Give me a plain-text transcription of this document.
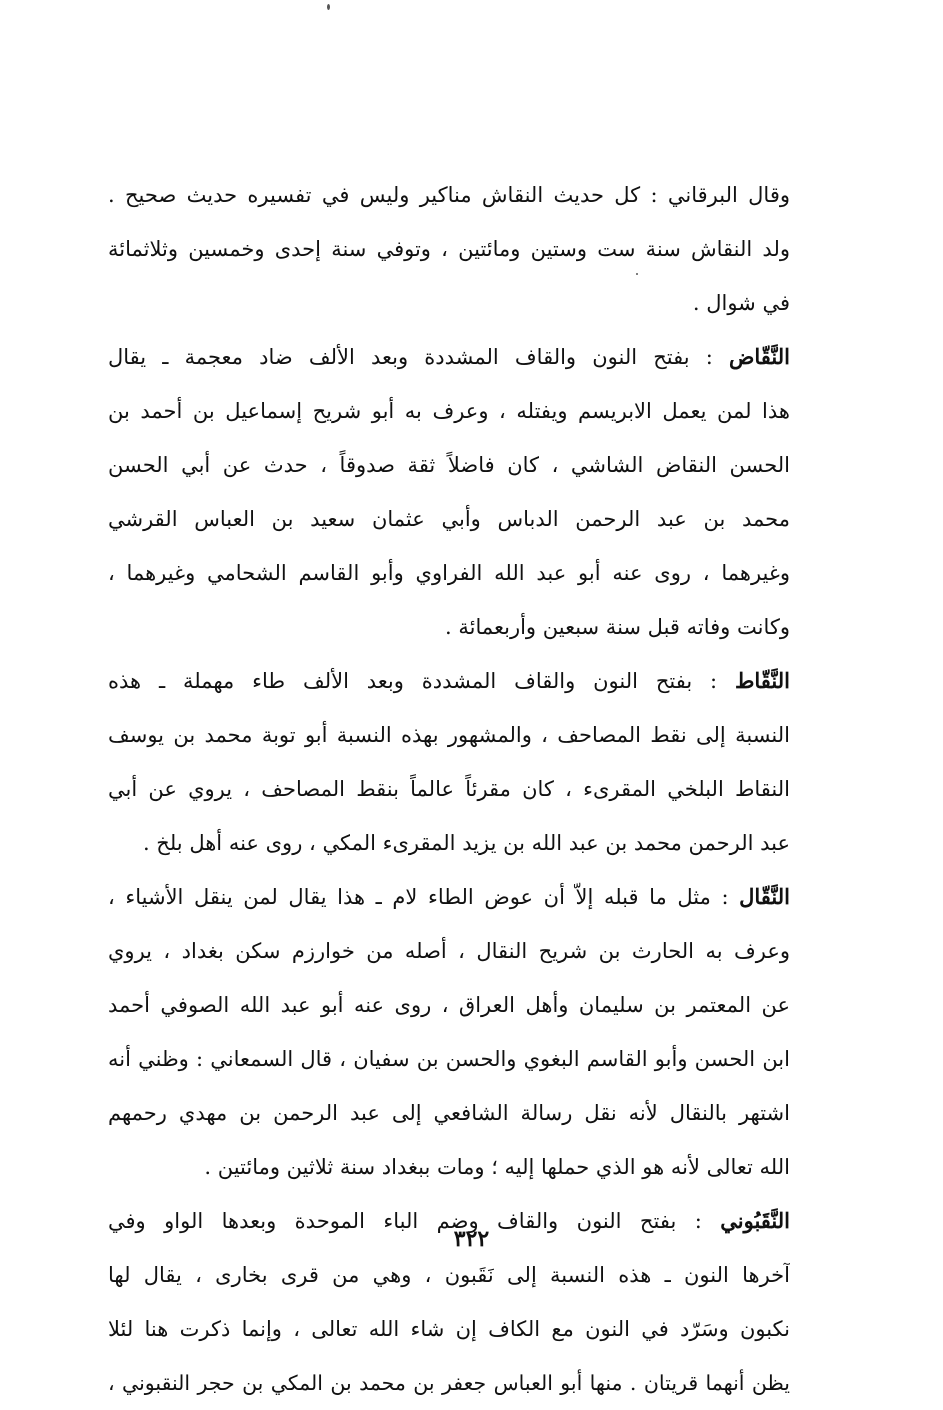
وقال البرقاني : كل حديث النقاش مناكير وليس في تفسيره حديث صحيح .
ولد النقاش سنة ست وستين ومائتين ، وتوفي سنة إحدى وخمسين وثلاثمائة
في شوال .
النَّقّاض : بفتح النون والقاف المشددة وبعد الألف ضاد معجمة ـ يقال
هذا لمن يعمل الابريسم ويفتله ، وعرف به أبو شريح إسماعيل بن أحمد بن
الحسن النقاض الشاشي ، كان فاضلاً ثقة صدوقاً ، حدث عن أبي الحسن
محمد بن عبد الرحمن الدباس وأبي عثمان سعيد بن العباس القرشي
وغيرهما ، روى عنه أبو عبد الله الفراوي وأبو القاسم الشحامي وغيرهما ،
وكانت وفاته قبل سنة سبعين وأربعمائة .
النَّقّاط : بفتح النون والقاف المشددة وبعد الألف طاء مهملة ـ هذه
النسبة إلى نقط المصاحف ، والمشهور بهذه النسبة أبو توبة محمد بن يوسف
النقاط البلخي المقرىء ، كان مقرئاً عالماً بنقط المصاحف ، يروي عن أبي
عبد الرحمن محمد بن عبد الله بن يزيد المقرىء المكي ، روى عنه أهل بلخ .
النَّقّال : مثل ما قبله إلاّ أن عوض الطاء لام ـ هذا يقال لمن ينقل الأشياء ،
وعرف به الحارث بن شريح النقال ، أصله من خوارزم سكن بغداد ، يروي
عن المعتمر بن سليمان وأهل العراق ، روى عنه أبو عبد الله الصوفي أحمد
ابن الحسن وأبو القاسم البغوي والحسن بن سفيان ، قال السمعاني : وظني أنه
اشتهر بالنقال لأنه نقل رسالة الشافعي إلى عبد الرحمن بن مهدي رحمهم
الله تعالى لأنه هو الذي حملها إليه ؛ ومات ببغداد سنة ثلاثين ومائتين .
النَّقَبُوني : بفتح النون والقاف وضم الباء الموحدة وبعدها الواو وفي
آخرها النون ـ هذه النسبة إلى نَقَبون ، وهي من قرى بخارى ، يقال لها
نكبون وسَرّد في النون مع الكاف إن شاء الله تعالى ، وإنما ذكرت هنا لئلا
يظن أنهما قريتان . منها أبو العباس جعفر بن محمد بن المكي بن حجر النقبوني ،
٣٢٢
